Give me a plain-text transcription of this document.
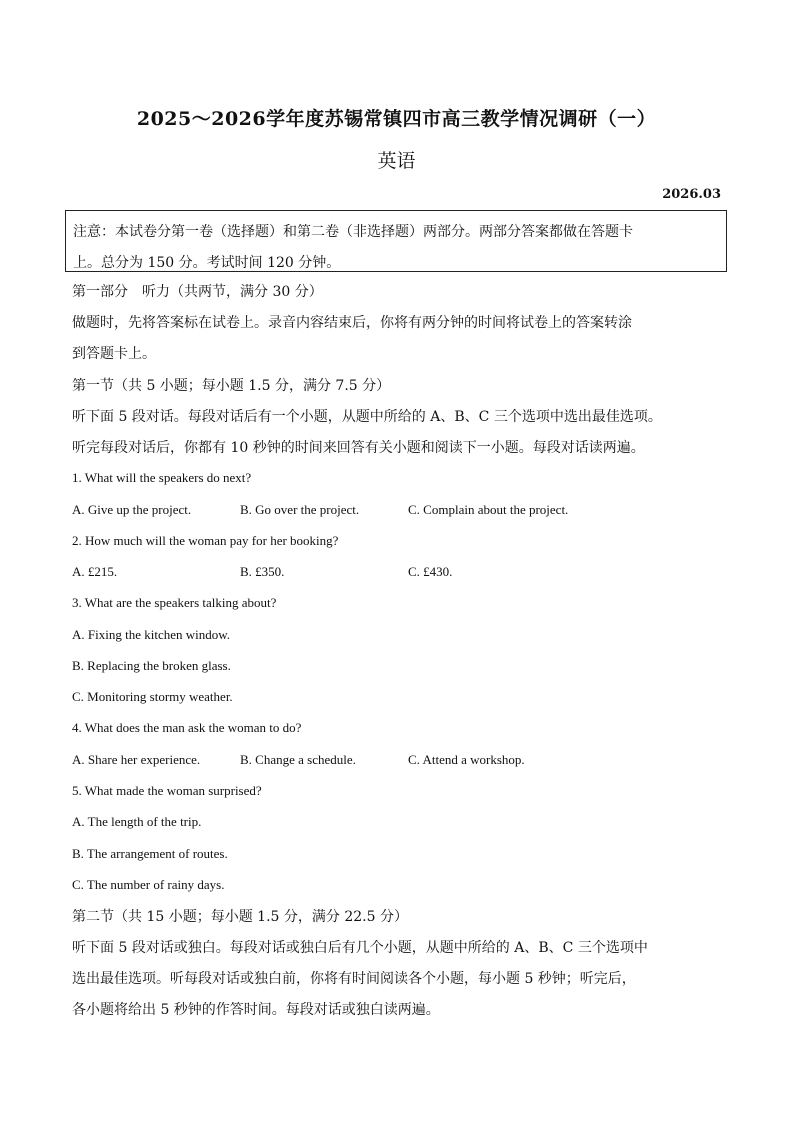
2025～2026学年度苏锡常镇四市高三教学情况调研（一）
英语
2026.03

注意：本试卷分第一卷（选择题）和第二卷（非选择题）两部分。两部分答案都做在答题卡

上。总分为 150 分。考试时间 120 分钟。

第一部分　听力（共两节，满分 30 分）
做题时，先将答案标在试卷上。录音内容结束后，你将有两分钟的时间将试卷上的答案转涂
到答题卡上。
第一节（共 5 小题；每小题 1.5 分，满分 7.5 分）
听下面 5 段对话。每段对话后有一个小题，从题中所给的 A、B、C 三个选项中选出最佳选项。
听完每段对话后，你都有 10 秒钟的时间来回答有关小题和阅读下一小题。每段对话读两遍。
1. What will the speakers do next?
A. Give up the project.	B. Go over the project.	C. Complain about the project.
2. How much will the woman pay for her booking?
A. £215.	B. £350.	C. £430.
3. What are the speakers talking about?
A. Fixing the kitchen window.
B. Replacing the broken glass.
C. Monitoring stormy weather.
4. What does the man ask the woman to do?
A. Share her experience.	B. Change a schedule.	C. Attend a workshop.
5. What made the woman surprised?
A. The length of the trip.
B. The arrangement of routes.
C. The number of rainy days.
第二节（共 15 小题；每小题 1.5 分，满分 22.5 分）
听下面 5 段对话或独白。每段对话或独白后有几个小题，从题中所给的 A、B、C 三个选项中
选出最佳选项。听每段对话或独白前，你将有时间阅读各个小题，每小题 5 秒钟；听完后，
各小题将给出 5 秒钟的作答时间。每段对话或独白读两遍。
